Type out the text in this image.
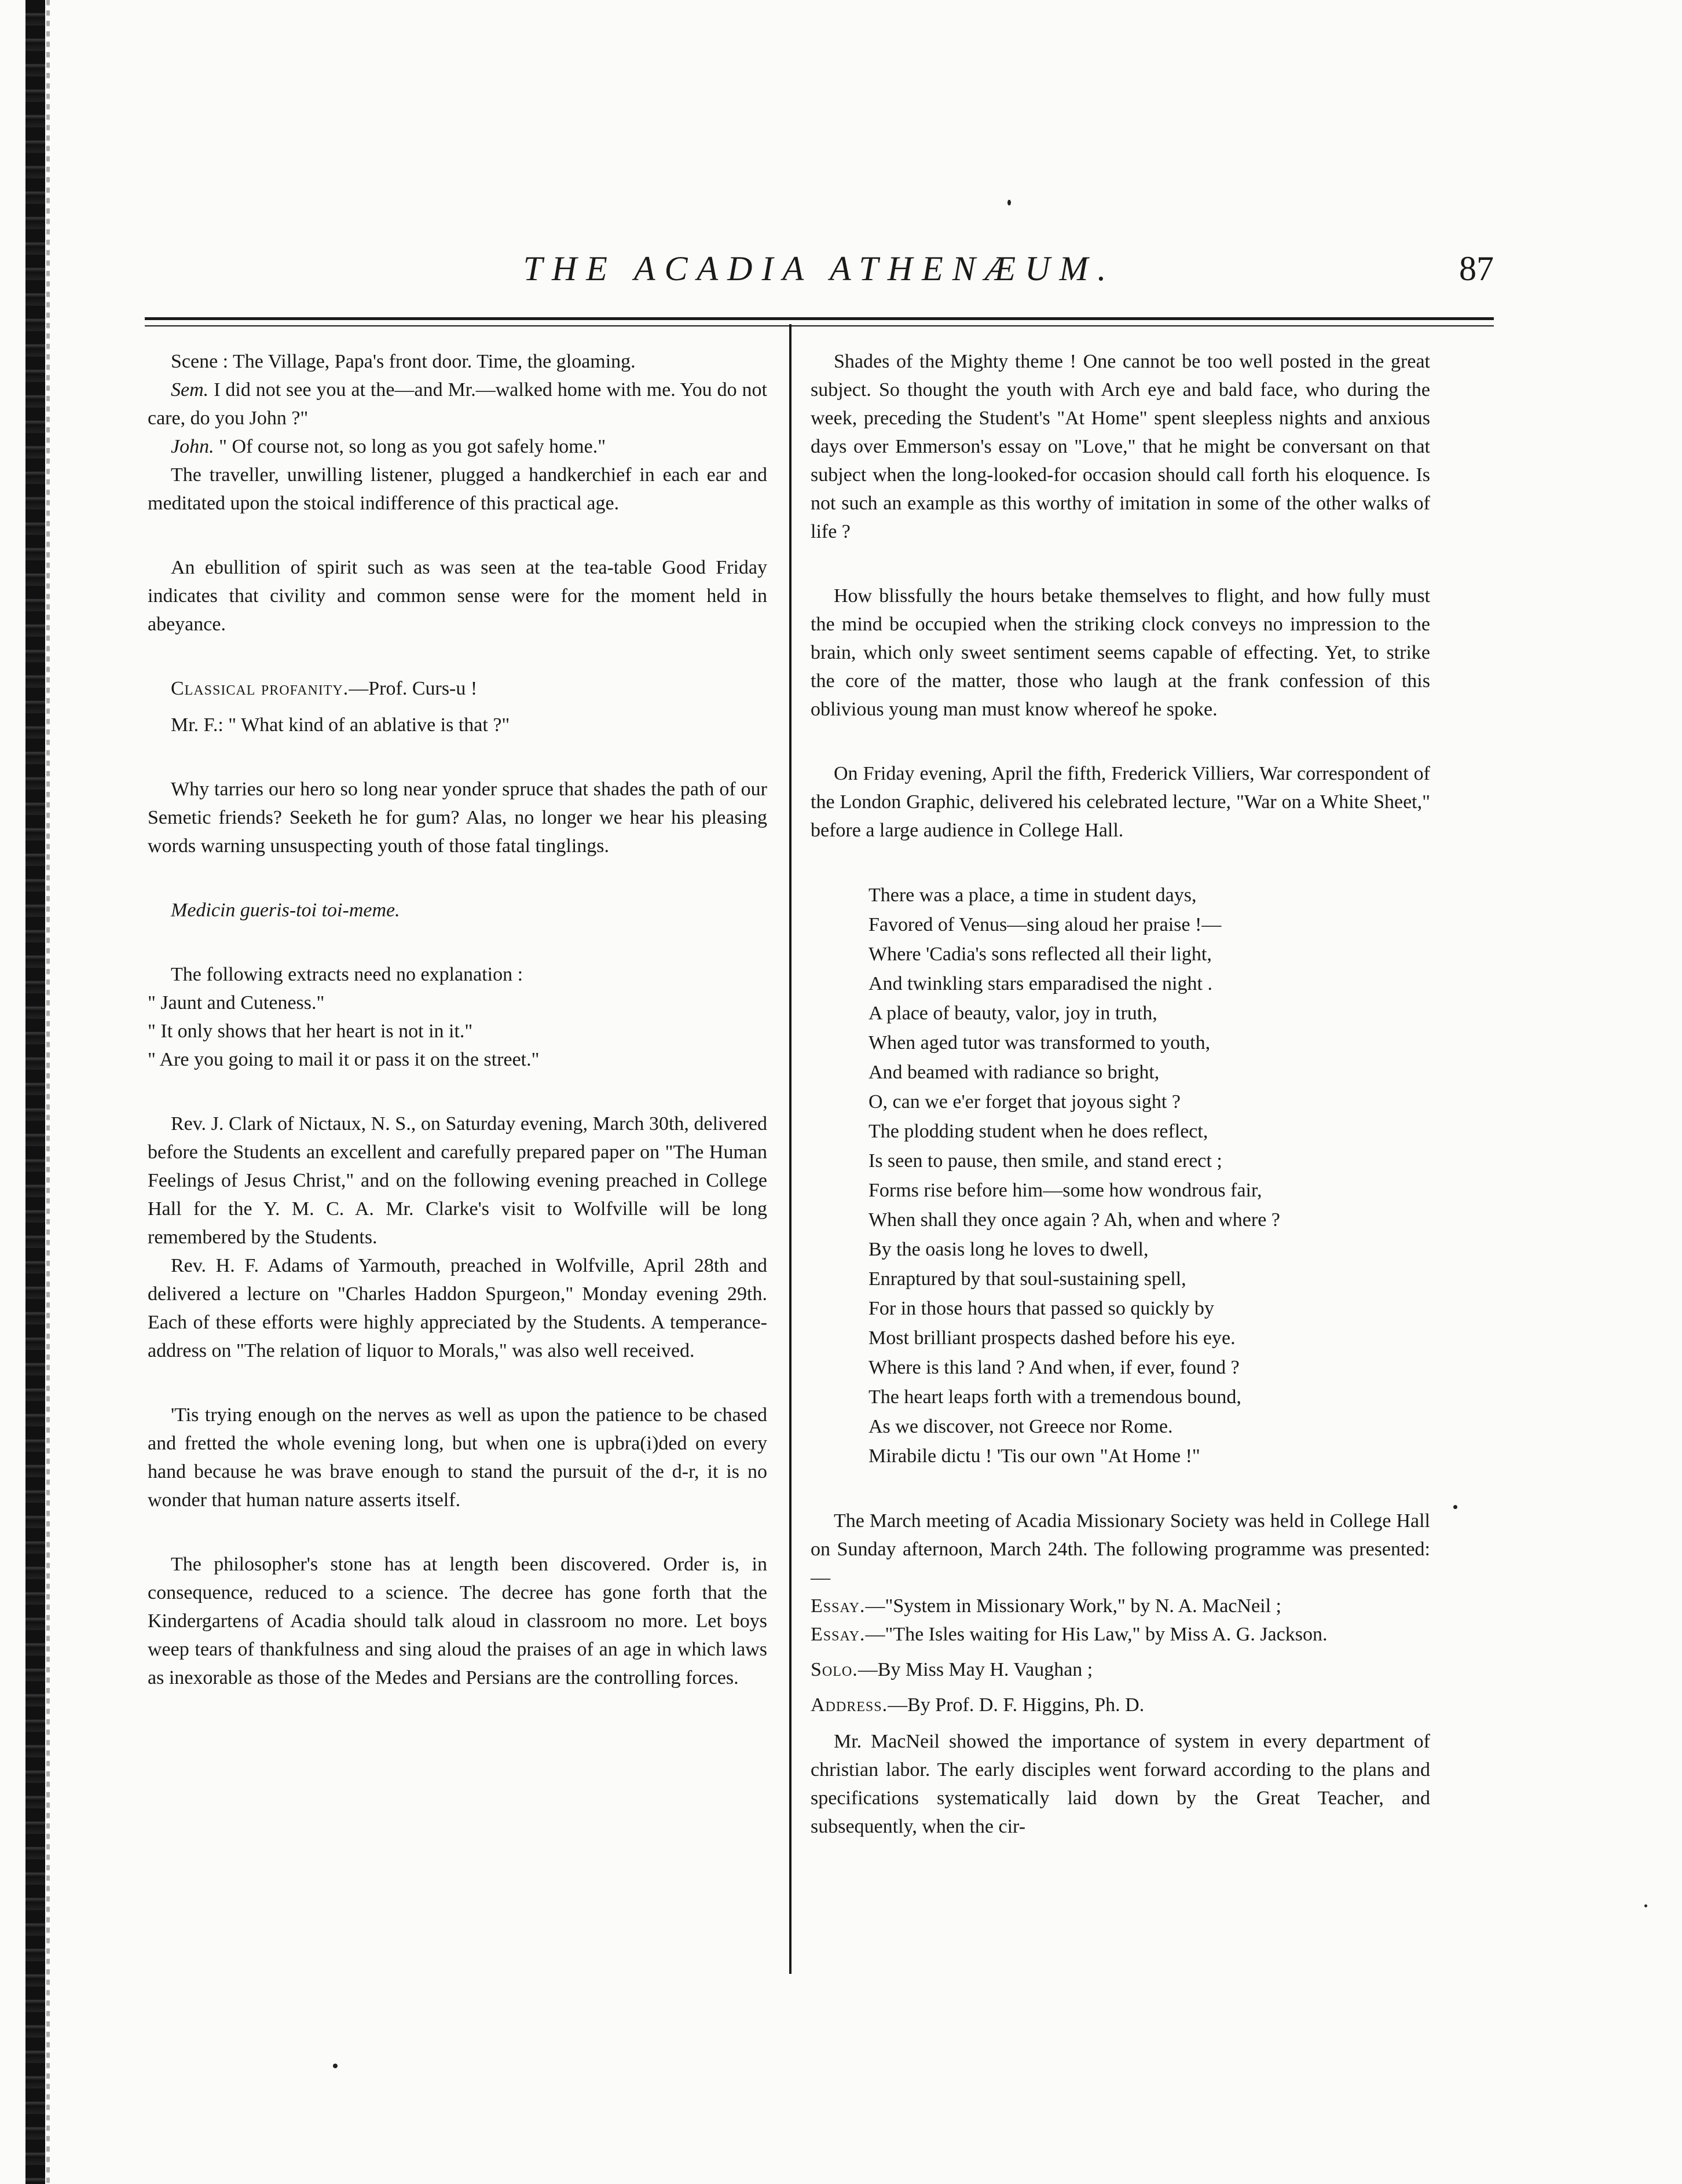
THE ACADIA ATHENÆUM.	87

Scene : The Village, Papa's front door. Time, the gloaming.

Sem. I did not see you at the—and Mr.—walked home with me. You do not care, do you John ?"

John. " Of course not, so long as you got safely home."

The traveller, unwilling listener, plugged a handkerchief in each ear and meditated upon the stoical indifference of this practical age.

An ebullition of spirit such as was seen at the tea-table Good Friday indicates that civility and common sense were for the moment held in abeyance.

Classical profanity.—Prof. Curs-u !

Mr. F.: " What kind of an ablative is that ?"

Why tarries our hero so long near yonder spruce that shades the path of our Semetic friends? Seeketh he for gum? Alas, no longer we hear his pleasing words warning unsuspecting youth of those fatal tinglings.

Medicin gueris-toi toi-meme.

The following extracts need no explanation :

" Jaunt and Cuteness."

" It only shows that her heart is not in it."

" Are you going to mail it or pass it on the street."

Rev. J. Clark of Nictaux, N. S., on Saturday evening, March 30th, delivered before the Students an excellent and carefully prepared paper on "The Human Feelings of Jesus Christ," and on the following evening preached in College Hall for the Y. M. C. A. Mr. Clarke's visit to Wolfville will be long remembered by the Students.

Rev. H. F. Adams of Yarmouth, preached in Wolfville, April 28th and delivered a lecture on "Charles Haddon Spurgeon," Monday evening 29th. Each of these efforts were highly appreciated by the Students. A temperance-address on "The relation of liquor to Morals," was also well received.

'Tis trying enough on the nerves as well as upon the patience to be chased and fretted the whole evening long, but when one is upbra(i)ded on every hand because he was brave enough to stand the pursuit of the d-r, it is no wonder that human nature asserts itself.

The philosopher's stone has at length been discovered. Order is, in consequence, reduced to a science. The decree has gone forth that the Kindergartens of Acadia should talk aloud in classroom no more. Let boys weep tears of thankfulness and sing aloud the praises of an age in which laws as inexorable as those of the Medes and Persians are the controlling forces.

Shades of the Mighty theme ! One cannot be too well posted in the great subject. So thought the youth with Arch eye and bald face, who during the week, preceding the Student's "At Home" spent sleepless nights and anxious days over Emmerson's essay on "Love," that he might be conversant on that subject when the long-looked-for occasion should call forth his eloquence. Is not such an example as this worthy of imitation in some of the other walks of life ?

How blissfully the hours betake themselves to flight, and how fully must the mind be occupied when the striking clock conveys no impression to the brain, which only sweet sentiment seems capable of effecting. Yet, to strike the core of the matter, those who laugh at the frank confession of this oblivious young man must know whereof he spoke.

On Friday evening, April the fifth, Frederick Villiers, War correspondent of the London Graphic, delivered his celebrated lecture, "War on a White Sheet," before a large audience in College Hall.

There was a place, a time in student days,
Favored of Venus—sing aloud her praise !—
Where 'Cadia's sons reflected all their light,
And twinkling stars emparadised the night .
A place of beauty, valor, joy in truth,
When aged tutor was transformed to youth,
And beamed with radiance so bright,
O, can we e'er forget that joyous sight ?
The plodding student when he does reflect,
Is seen to pause, then smile, and stand erect ;
Forms rise before him—some how wondrous fair,
When shall they once again ? Ah, when and where ?
By the oasis long he loves to dwell,
Enraptured by that soul-sustaining spell,
For in those hours that passed so quickly by
Most brilliant prospects dashed before his eye.
Where is this land ? And when, if ever, found ?
The heart leaps forth with a tremendous bound,
As we discover, not Greece nor Rome.
Mirabile dictu ! 'Tis our own "At Home !"

The March meeting of Acadia Missionary Society was held in College Hall on Sunday afternoon, March 24th. The following programme was presented:—

Essay.—"System in Missionary Work," by N. A. MacNeil ;

Essay.—"The Isles waiting for His Law," by Miss A. G. Jackson.

Solo.—By Miss May H. Vaughan ;

Address.—By Prof. D. F. Higgins, Ph. D.

Mr. MacNeil showed the importance of system in every department of christian labor. The early disciples went forward according to the plans and specifications systematically laid down by the Great Teacher, and subsequently, when the cir-
